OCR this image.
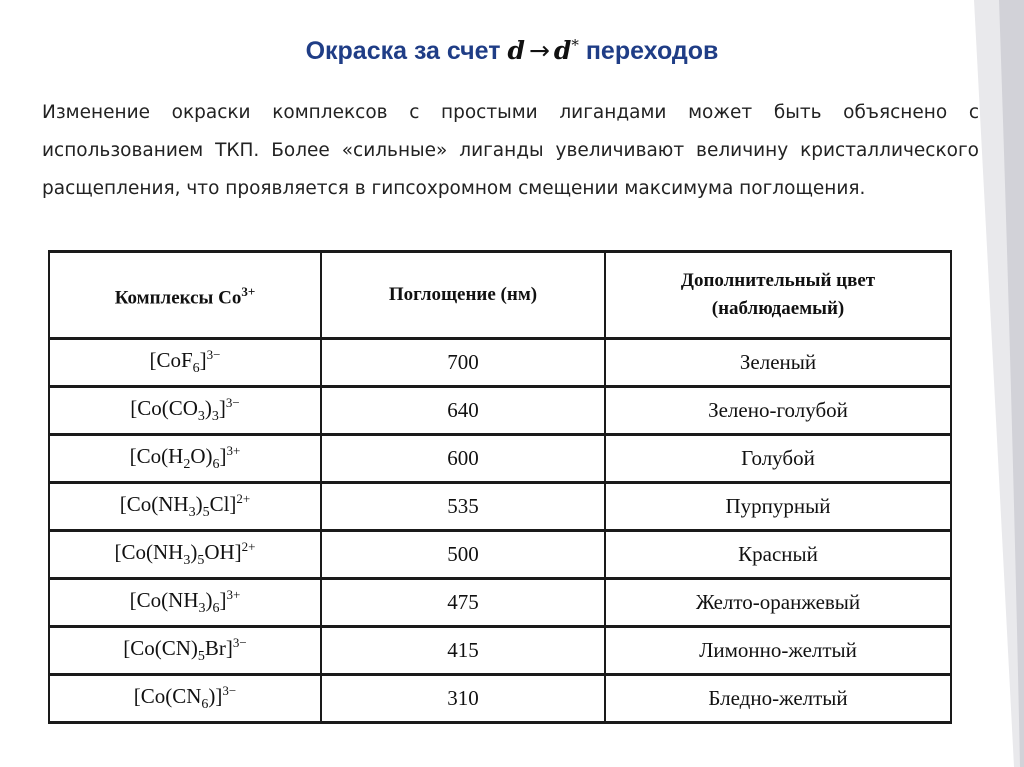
Окраска за счет d → d* переходов

Изменение окраски комплексов с простыми лигандами может быть объяснено с использованием ТКП. Более «сильные» лиганды увеличивают величину кристаллического расщепления, что проявляется в гипсохромном смещении максимума поглощения.

Комплексы $Co^{3+}$	Поглощение (нм)	Дополнительный цвет
(наблюдаемый)
$[CoF_6]^{3-}$	700	Зеленый
$[Co(CO_3)_3]^{3-}$	640	Зелено-голубой
$[Co(H_2O)_6]^{3+}$	600	Голубой
$[Co(NH_3)_5Cl]^{2+}$	535	Пурпурный
$[Co(NH_3)_5OH]^{2+}$	500	Красный
$[Co(NH_3)_6]^{3+}$	475	Желто-оранжевый
$[Co(CN)_5Br]^{3-}$	415	Лимонно-желтый
$[Co(CN_6)]^{3-}$	310	Бледно-желтый
